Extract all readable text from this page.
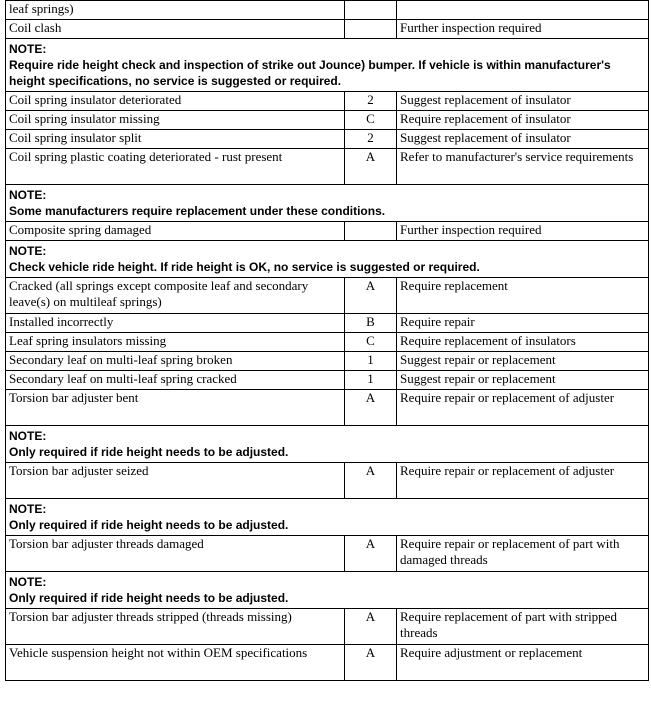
leaf springs)		
Coil clash		Further inspection required

NOTE:
Require ride height check and inspection of strike out Jounce) bumper. If vehicle is within manufacturer's height specifications, no service is suggested or required.		

Coil spring insulator deteriorated	2	Suggest replacement of insulator
Coil spring insulator missing	C	Require replacement of insulator
Coil spring insulator split	2	Suggest replacement of insulator
Coil spring plastic coating deteriorated - rust present	A	Refer to manufacturer's service requirements

NOTE:
Some manufacturers require replacement under these conditions.		

Composite spring damaged		Further inspection required

NOTE:
Check vehicle ride height. If ride height is OK, no service is suggested or required.		

Cracked (all springs except composite leaf and secondary leave(s) on multileaf springs)	A	Require replacement
Installed incorrectly	B	Require repair
Leaf spring insulators missing	C	Require replacement of insulators
Secondary leaf on multi-leaf spring broken	1	Suggest repair or replacement
Secondary leaf on multi-leaf spring cracked	1	Suggest repair or replacement
Torsion bar adjuster bent	A	Require repair or replacement of adjuster

NOTE:
Only required if ride height needs to be adjusted.		

Torsion bar adjuster seized	A	Require repair or replacement of adjuster

NOTE:
Only required if ride height needs to be adjusted.		

Torsion bar adjuster threads damaged	A	Require repair or replacement of part with damaged threads

NOTE:
Only required if ride height needs to be adjusted.		

Torsion bar adjuster threads stripped (threads missing)	A	Require replacement of part with stripped threads
Vehicle suspension height not within OEM specifications	A	Require adjustment or replacement
